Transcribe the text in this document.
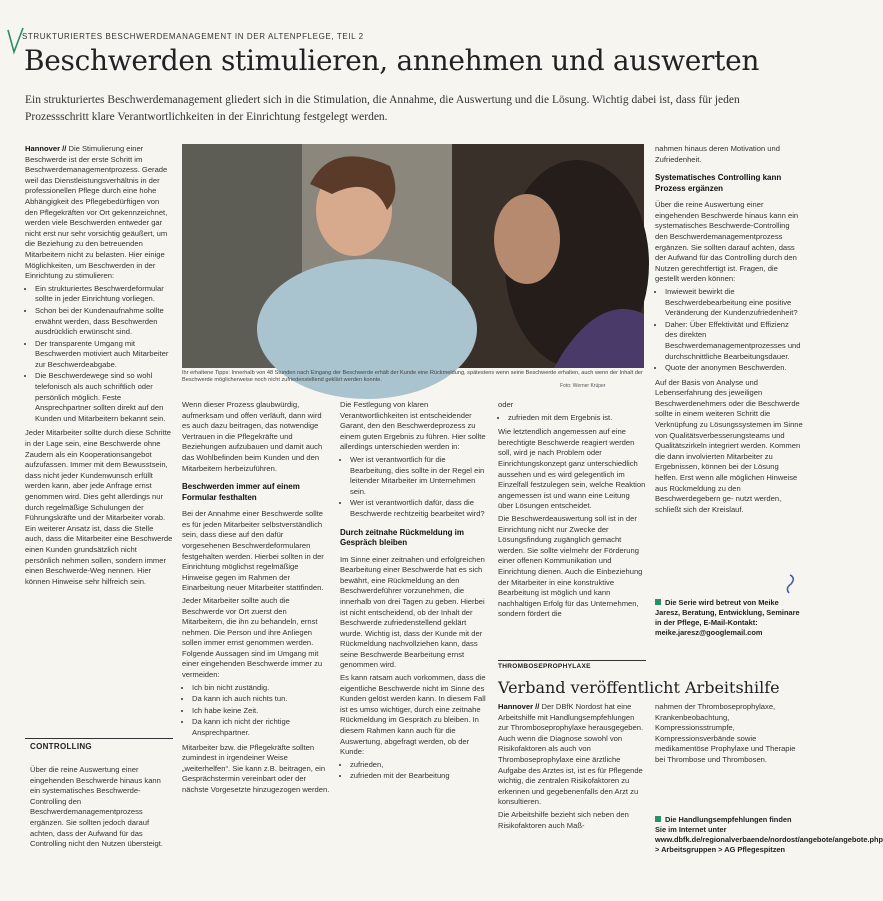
STRUKTURIERTES BESCHWERDEMANAGEMENT IN DER ALTENPFLEGE, TEIL 2
Beschwerden stimulieren, annehmen und auswerten
Ein strukturiertes Beschwerdemanagement gliedert sich in die Stimulation, die Annahme, die Auswertung und die Lösung. Wichtig dabei ist, dass für jeden Prozessschritt klare Verantwortlichkeiten in der Einrichtung festgelegt werden.

Hannover // Die Stimulierung einer Beschwerde ist der erste Schritt im Beschwerdemanagementprozess. Gerade weil das Dienstleistungsverhältnis in der professionellen Pflege durch eine hohe Abhängigkeit des Pflegebedürftigen von den Pflegekräften vor Ort gekennzeichnet, werden viele Beschwerden entweder gar nicht erst nur sehr vorsichtig geäußert, um die Beziehung zu den betreuenden Mitarbeitern nicht zu belasten. Hier einige Möglichkeiten, um Beschwerden in der Einrichtung zu stimulieren:

• Ein strukturiertes Beschwerdeformular sollte in jeder Einrichtung vorliegen.
• Schon bei der Kundenaufnahme sollte erwähnt werden, dass Beschwerden ausdrücklich erwünscht sind.
• Der transparente Umgang mit Beschwerden motiviert auch Mitarbeiter zur Beschwerdeabgabe.
• Die Beschwerdewege sind so wohl telefonisch als auch schriftlich oder persönlich möglich. Feste Ansprechpartner sollten direkt auf den Kunden und Mitarbeitern bekannt sein.

Jeder Mitarbeiter sollte durch diese Schritte in der Lage sein, eine Beschwerde ohne Zaudern als ein Kooperationsangebot aufzufassen. Immer mit dem Bewusstsein, dass nicht jeder Kundenwunsch erfüllt werden kann, aber jede Anfrage ernst genommen wird. Dies geht allerdings nur durch regelmäßige Schulungen der Führungskräfte und der Mitarbeiter vorab. Ein weiterer Ansatz ist, dass die Stelle auch, dass die Mitarbeiter eine Beschwerde einen Kunden grundsätzlich nicht persönlich nehmen sollen, sondern immer einen Beschwerde-Weg nennen. Hier können Hinweise sehr hilfreich sein.

CONTROLLING
Über die reine Auswertung einer eingehenden Beschwerde hinaus kann ein systematisches Beschwerde-Controlling den Beschwerdemanagementprozess ergänzen. Sie sollten jedoch darauf achten, dass der Aufwand für das Controlling nicht den Nutzen übersteigt.
Ihr erhaltene Tipps: Innerhalb von 48 Stunden nach Eingang der Beschwerde erhält der Kunde eine Rückmeldung, spätestens wenn seine Beschwerde erhalten, auch wenn der Inhalt der Beschwerde möglicherweise noch nicht zufriedenstellend geklärt werden konnte.
Foto: Werner Krüper

Wenn dieser Prozess glaubwürdig, aufmerksam und offen verläuft, dann wird es auch dazu beitragen, das notwendige Vertrauen in die Pflegekräfte und Beziehungen aufzubauen und damit auch das Wohlbefinden beim Kunden und den Mitarbeitern herbeizuführen.

Beschwerden immer auf einem Formular festhalten

Bei der Annahme einer Beschwerde sollte es für jeden Mitarbeiter selbstverständlich sein, dass diese auf den dafür vorgesehenen Beschwerdeformularen festgehalten werden. Hierbei sollten in der Einrichtung möglichst regelmäßige Hinweise gegen im Rahmen der Einarbeitung neuer Mitarbeiter stattfinden.

Jeder Mitarbeiter sollte auch die Beschwerde vor Ort zuerst den Mitarbeitern, die ihn zu behandeln, ernst nehmen. Die Person und ihre Anliegen sollen immer ernst genommen werden. Folgende Aussagen sind im Umgang mit einer eingehenden Beschwerde immer zu vermeiden:

• Ich bin nicht zuständig.
• Da kann ich auch nichts tun.
• Ich habe keine Zeit.
• Da kann ich nicht der richtige Ansprechpartner.

Mitarbeiter bzw. die Pflegekräfte sollten zumindest in irgendeiner Weise „weiterhelfen“. Sie kann z.B. beitragen, ein Gesprächstermin vereinbart oder der nächste Vorgesetzte hinzugezogen werden.

Die Festlegung von klaren Verantwortlichkeiten ist entscheidender Garant, den den Beschwerdeprozess zu einem guten Ergebnis zu führen. Hier sollte allerdings unterschieden werden in:

• Wer ist verantwortlich für die Bearbeitung, dies sollte in der Regel ein leitender Mitarbeiter im Unternehmen sein.
• Wer ist verantwortlich dafür, dass die Beschwerde rechtzeitig bearbeitet wird?
Durch zeitnahe Rückmeldung im Gespräch bleiben

Im Sinne einer zeitnahen und erfolgreichen Bearbeitung einer Beschwerde hat es sich bewährt, eine Rückmeldung an den Beschwerdeführer vorzunehmen, die innerhalb von drei Tagen zu geben. Hierbei ist nicht entscheidend, ob der Inhalt der Beschwerde zufriedenstellend geklärt wurde. Wichtig ist, dass der Kunde mit der Rückmeldung nachvollziehen kann, dass seine Beschwerde Bearbeitung ernst genommen wird.

Es kann ratsam auch vorkommen, dass die eigentliche Beschwerde nicht im Sinne des Kunden gelöst werden kann. In diesem Fall ist es umso wichtiger, durch eine zeitnahe Rückmeldung im Gespräch zu bleiben. In diesem Rahmen kann auch für die Auswertung, abgefragt werden, ob der Kunde:

• zufrieden,
• zufrieden mit der Bearbeitung

oder

• zufrieden mit dem Ergebnis ist.

Wie letztendlich angemessen auf eine berechtigte Beschwerde reagiert werden soll, wird je nach Problem oder Einrichtungskonzept ganz unterschiedlich aussehen und es wird gelegentlich im Einzelfall festzulegen sein, welche Reaktion angemessen ist und wann eine Leitung über Lösungen entscheidet.

Die Beschwerdeauswertung soll ist in der Einrichtung nicht nur Zwecke der Lösungsfindung zugänglich gemacht werden. Sie sollte vielmehr der Förderung einer offenen Kommunikation und Einrichtung dienen. Auch die Einbeziehung der Mitarbeiter in eine konstruktive Bearbeitung ist möglich und kann nachhaltigen Erfolg für das Unternehmen, sondern fördert die

THROMBOSEPROPHYLAXE
Verband veröffentlicht Arbeitshilfe

Hannover // Der DBfK Nordost hat eine Arbeitshilfe mit Handlungsempfehlungen zur Thromboseprophylaxe herausgegeben. Auch wenn die Diagnose sowohl von Risikofaktoren als auch von Thromboseprophylaxe eine ärztliche Aufgabe des Arztes ist, ist es für Pflegende wichtig, die zentralen Risikofaktoren zu erkennen und gegebenenfalls den Arzt zu konsultieren.

Die Arbeitshilfe bezieht sich neben den Risikofaktoren auch Maß-

nahmen hinaus deren Motivation und Zufriedenheit.

Systematisches Controlling kann Prozess ergänzen

Über die reine Auswertung einer eingehenden Beschwerde hinaus kann ein systematisches Beschwerde-Controlling den Beschwerdemanagementprozess ergänzen. Sie sollten darauf achten, dass der Aufwand für das Controlling durch den Nutzen gerechtfertigt ist. Fragen, die gestellt werden können:

• Inwieweit bewirkt die Beschwerdebearbeitung eine positive Veränderung der Kundenzufriedenheit?
• Daher: Über Effektivität und Effizienz des direkten Beschwerdemanagementprozesses und durchschnittliche Bearbeitungsdauer.
• Quote der anonymen Beschwerden.

Auf der Basis von Analyse und Lebenserfahrung des jeweiligen Beschwerdenehmers oder die Beschwerde sollte in einem weiteren Schritt die Verknüpfung zu Lösungssystemen im Sinne von Qualitätsverbesserungsteams und Qualitätszirkeln integriert werden. Kommen die dann involvierten Mitarbeiter zu Ergebnissen, können bei der Lösung helfen. Erst wenn alle möglichen Hinweise aus Rückmeldung zu den Beschwerdegebern ge- nutzt werden, schließt sich der Kreislauf.

Die Serie wird betreut von Meike Jaresz, Beratung, Entwicklung, Seminare in der Pflege, E-Mail-Kontakt: meike.jaresz@googlemail.com

nahmen der Thromboseprophylaxe, Krankenbeobachtung, Kompressionsstrumpfe, Kompressionsverbände sowie medikamentöse Prophylaxe und Therapie bei Thrombose und Thrombosen.

Die Handlungsempfehlungen finden Sie im Internet unter www.dbfk.de/regionalverbaende/nordost/angebote/angebote.php > Arbeitsgruppen > AG Pflegespitzen
